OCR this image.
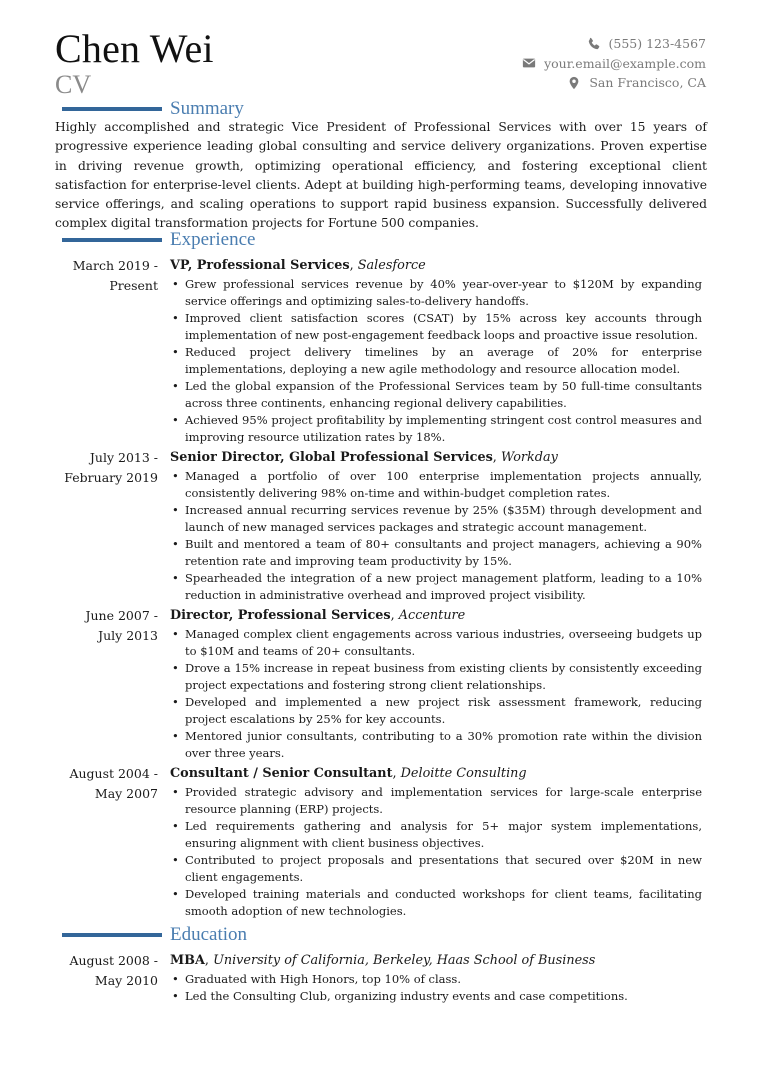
Chen Wei
CV
(555) 123-4567
your.email@example.com
San Francisco, CA
Summary
Highly accomplished and strategic Vice President of Professional Services with over 15 years of progressive experience leading global consulting and service delivery organizations. Proven expertise in driving revenue growth, optimizing operational efficiency, and fostering exceptional client satisfaction for enterprise-level clients. Adept at building high-performing teams, developing innovative service offerings, and scaling operations to support rapid business expansion. Successfully delivered complex digital transformation projects for Fortune 500 companies.
Experience
March 2019 -
Present
VP, Professional Services, Salesforce
• Grew professional services revenue by 40% year-over-year to $120M by expanding service offerings and optimizing sales-to-delivery handoffs.
• Improved client satisfaction scores (CSAT) by 15% across key accounts through implementation of new post-engagement feedback loops and proactive issue resolution.
• Reduced project delivery timelines by an average of 20% for enterprise implementations, deploying a new agile methodology and resource allocation model.
• Led the global expansion of the Professional Services team by 50 full-time consultants across three continents, enhancing regional delivery capabilities.
• Achieved 95% project profitability by implementing stringent cost control measures and improving resource utilization rates by 18%.
July 2013 -
February 2019
Senior Director, Global Professional Services, Workday
• Managed a portfolio of over 100 enterprise implementation projects annually, consistently delivering 98% on-time and within-budget completion rates.
• Increased annual recurring services revenue by 25% ($35M) through development and launch of new managed services packages and strategic account management.
• Built and mentored a team of 80+ consultants and project managers, achieving a 90% retention rate and improving team productivity by 15%.
• Spearheaded the integration of a new project management platform, leading to a 10% reduction in administrative overhead and improved project visibility.
June 2007 -
July 2013
Director, Professional Services, Accenture
• Managed complex client engagements across various industries, overseeing budgets up to $10M and teams of 20+ consultants.
• Drove a 15% increase in repeat business from existing clients by consistently exceeding project expectations and fostering strong client relationships.
• Developed and implemented a new project risk assessment framework, reducing project escalations by 25% for key accounts.
• Mentored junior consultants, contributing to a 30% promotion rate within the division over three years.
August 2004 -
May 2007
Consultant / Senior Consultant, Deloitte Consulting
• Provided strategic advisory and implementation services for large-scale enterprise resource planning (ERP) projects.
• Led requirements gathering and analysis for 5+ major system implementations, ensuring alignment with client business objectives.
• Contributed to project proposals and presentations that secured over $20M in new client engagements.
• Developed training materials and conducted workshops for client teams, facilitating smooth adoption of new technologies.
Education
August 2008 -
May 2010
MBA, University of California, Berkeley, Haas School of Business
• Graduated with High Honors, top 10% of class.
• Led the Consulting Club, organizing industry events and case competitions.
